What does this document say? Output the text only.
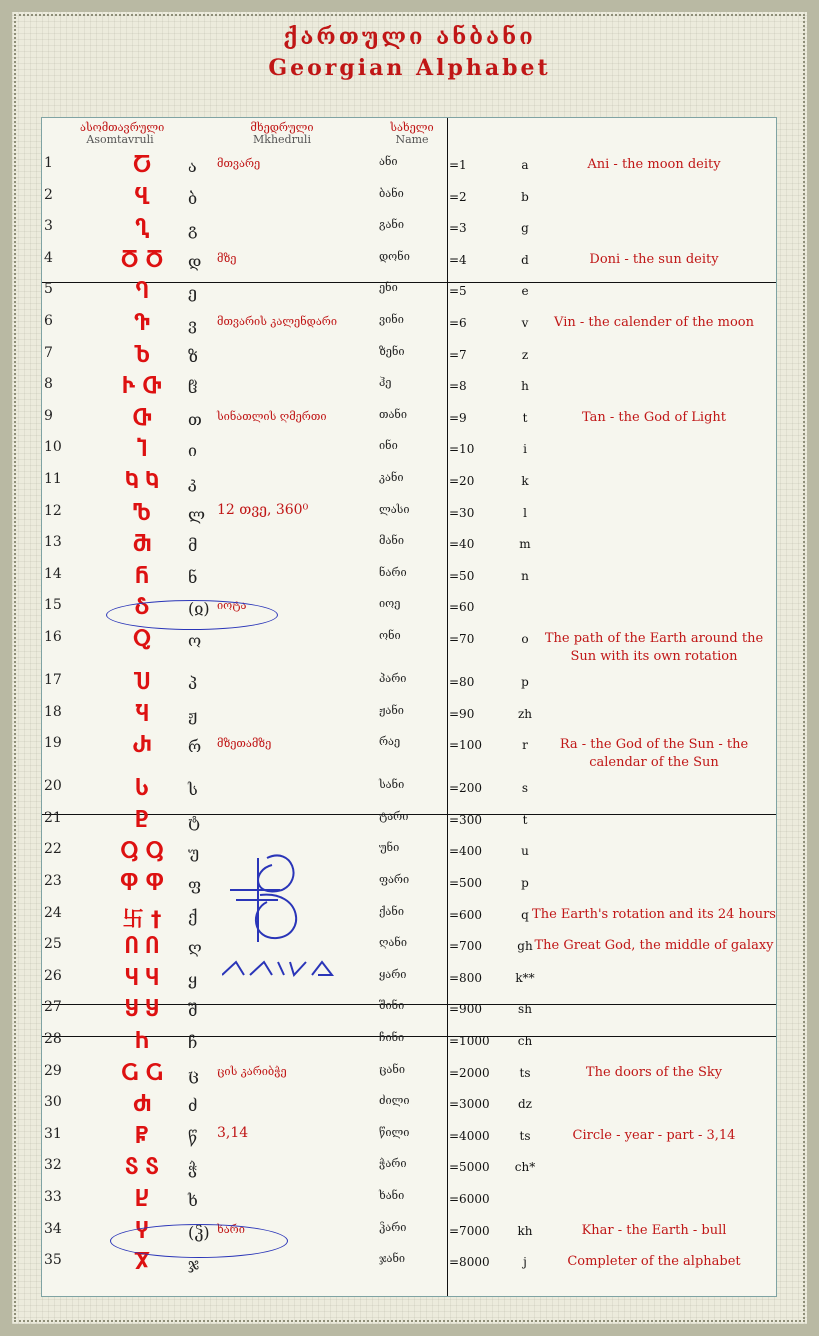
ქართული ანბანი
Georgian Alphabet
ასომთავრული
Asomtavruli
მხედრული
Mkhedruli
სახელი
Name
1	Ⴀ	ა მთვარე	ანი	=1	a	Ani - the moon deity
2	Ⴁ	ბ	ბანი	=2	b
3	Ⴂ	გ	განი	=3	g
4	Ⴃ Ⴃ	დ მზე	დონი	=4	d	Doni - the sun deity
5	Ⴄ	ე	ენი	=5	e
6	Ⴅ	ვ მთვარის კალენდარი	ვინი	=6	v	Vin - the calender of the moon
7	Ⴆ	ზ	ზენი	=7	z
8	Ⴡ Ⴇ	ჱ	ჰე	=8	h
9	Ⴇ	თ სინათლის ღმერთი	თანი	=9	t	Tan - the God of Light
10	Ⴈ	ი	ინი	=10	i
11	Ⴉ Ⴉ	კ	კანი	=20	k
12	Ⴊ	ლ 12 თვე, 360⁰	ლასი	=30	l
13	Ⴋ	მ	მანი	=40	m
14	Ⴌ	ნ	ნარი	=50	n
15	Ⴢ	(ჲ) იოტა	იოე	=60
16	Ⴍ	ო	ონი	=70	o	The path of the Earth around the Sun with its own rotation
17	Ⴎ	პ	პარი	=80	p
18	Ⴏ	ჟ	ჟანი	=90	zh
19	Ⴐ	რ მზეთამზე	რაე	=100	r	Ra - the God of the Sun - the calendar of the Sun
20	Ⴑ	ს	სანი	=200	s
21	Ⴒ	ტ	ტარი	=300	t
22	Ⴓ Ⴓ	უ	უნი	=400	u
23	Ⴔ Ⴔ	ფ	ფარი	=500	p
24	卐 †	ქ	ქანი	=600	q The Earth's rotation and its 24 hours
25	Ⴖ Ⴖ	ღ	ღანი	=700	gh The Great God, the middle of galaxy
26	Ⴗ Ⴗ	ყ	ყარი	=800	k**
27	Ⴘ Ⴘ	შ	შინი	=900	sh
28	Ⴙ	ჩ	ჩინი	=1000	ch
29	Ⴚ Ⴚ	ც ცის კარიბჭე	ცანი	=2000	ts	The doors of the Sky
30	Ⴛ	ძ	ძილი	=3000	dz
31	Ⴜ	წ 3,14	წილი	=4000	ts	Circle - year - part - 3,14
32	Ⴝ Ⴝ	ჭ	ჭარი	=5000	ch*
33	Ⴞ	ხ	ხანი	=6000
34	Ⴤ	(ჴ) ხარი	ჴარი	=7000	kh	Khar - the Earth - bull
35	Ⴟ	ჯ	ჯანი	=8000	j	Completer of the alphabet
